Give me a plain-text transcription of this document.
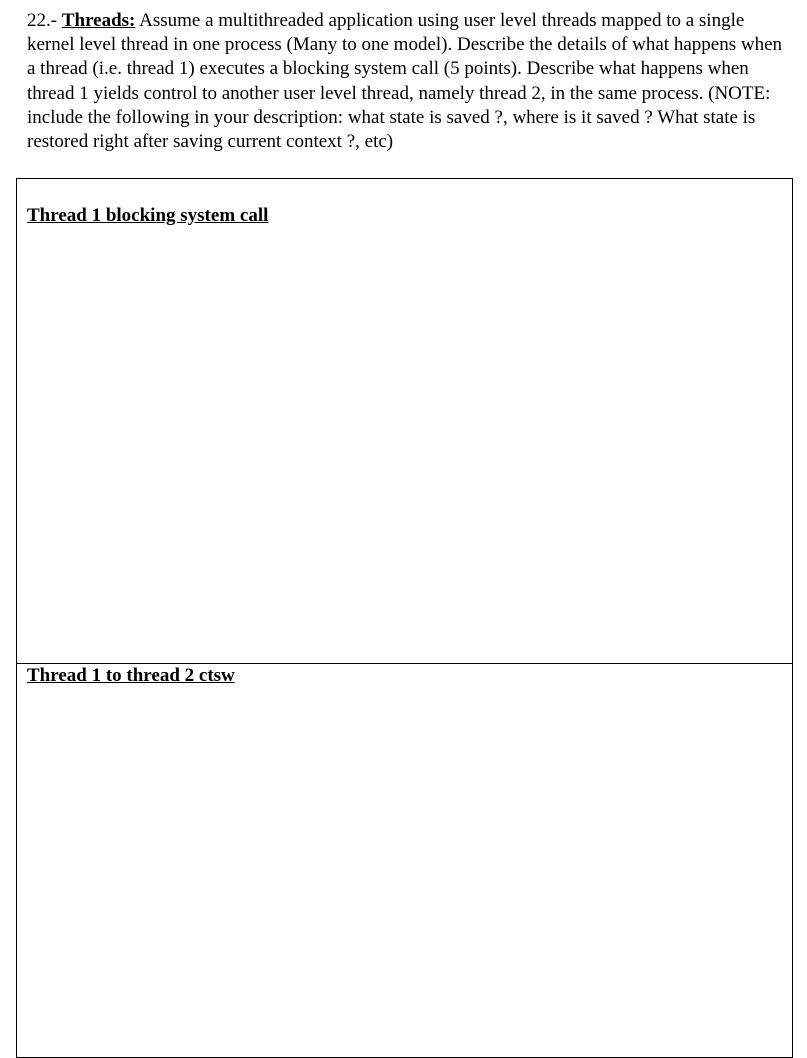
22.- Threads: Assume a multithreaded application using user level threads mapped to a single kernel level thread in one process (Many to one model). Describe the details of what happens when a thread (i.e. thread 1) executes a blocking system call (5 points). Describe what happens when thread 1 yields control to another user level thread, namely thread 2, in the same process. (NOTE: include the following in your description: what state is saved ?, where is it saved ? What state is restored right after saving current context ?, etc)

Thread 1 blocking system call

Thread 1 to thread 2 ctsw
